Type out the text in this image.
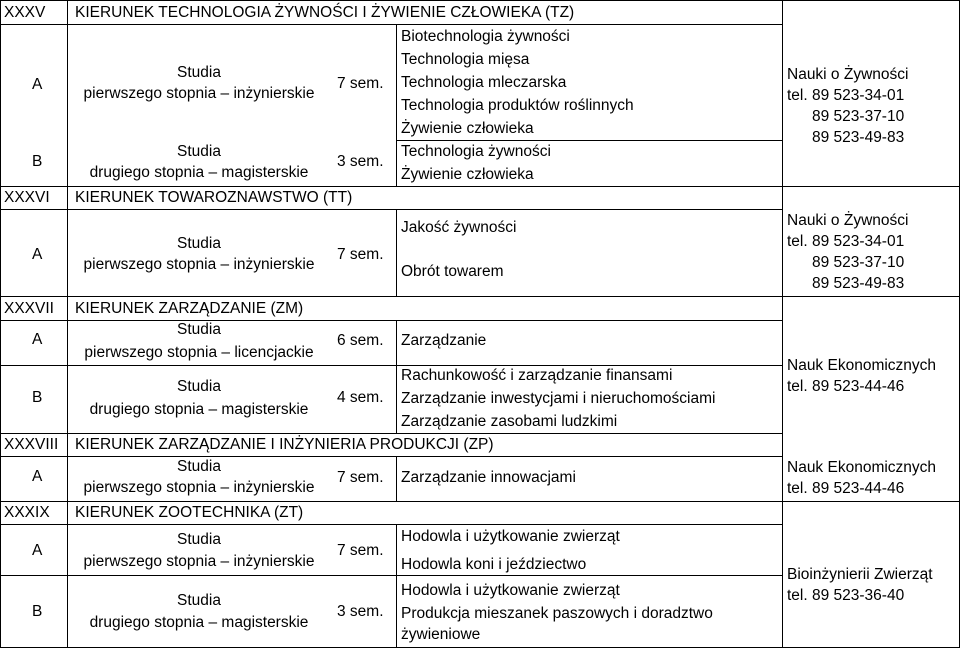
XXXV KIERUNEK TECHNOLOGIA ŻYWNOŚCI I ŻYWIENIE CZŁOWIEKA (TZ)
A
Studia
pierwszego stopnia – inżynierskie
7 sem.
Biotechnologia żywności
Technologia mięsa
Technologia mleczarska
Technologia produktów roślinnych
Żywienie człowieka
B
Studia
drugiego stopnia – magisterskie
3 sem.
Technologia żywności
Żywienie człowieka
Nauki o Żywności
tel. 89 523-34-01
89 523-37-10
89 523-49-83
XXXVI KIERUNEK TOWAROZNAWSTWO (TT)
A
Studia
pierwszego stopnia – inżynierskie
7 sem.
Jakość żywności
Obrót towarem
Nauki o Żywności
tel. 89 523-34-01
89 523-37-10
89 523-49-83
XXXVII KIERUNEK ZARZĄDZANIE (ZM)
A
Studia
pierwszego stopnia – licencjackie
6 sem. Zarządzanie
B
Studia
drugiego stopnia – magisterskie
4 sem.
Rachunkowość i zarządzanie finansami
Zarządzanie inwestycjami i nieruchomościami
Zarządzanie zasobami ludzkimi
Nauk Ekonomicznych
tel. 89 523-44-46
XXXVIII KIERUNEK ZARZĄDZANIE I INŻYNIERIA PRODUKCJI (ZP)
A
Studia
pierwszego stopnia – inżynierskie
7 sem. Zarządzanie innowacjami
Nauk Ekonomicznych
tel. 89 523-44-46
XXXIX KIERUNEK ZOOTECHNIKA (ZT)
A
Studia
pierwszego stopnia – inżynierskie
7 sem.
Hodowla i użytkowanie zwierząt
Hodowla koni i jeździectwo
B
Studia
drugiego stopnia – magisterskie
3 sem.
Hodowla i użytkowanie zwierząt
Produkcja mieszanek paszowych i doradztwo
żywieniowe
Bioinżynierii Zwierząt
tel. 89 523-36-40
